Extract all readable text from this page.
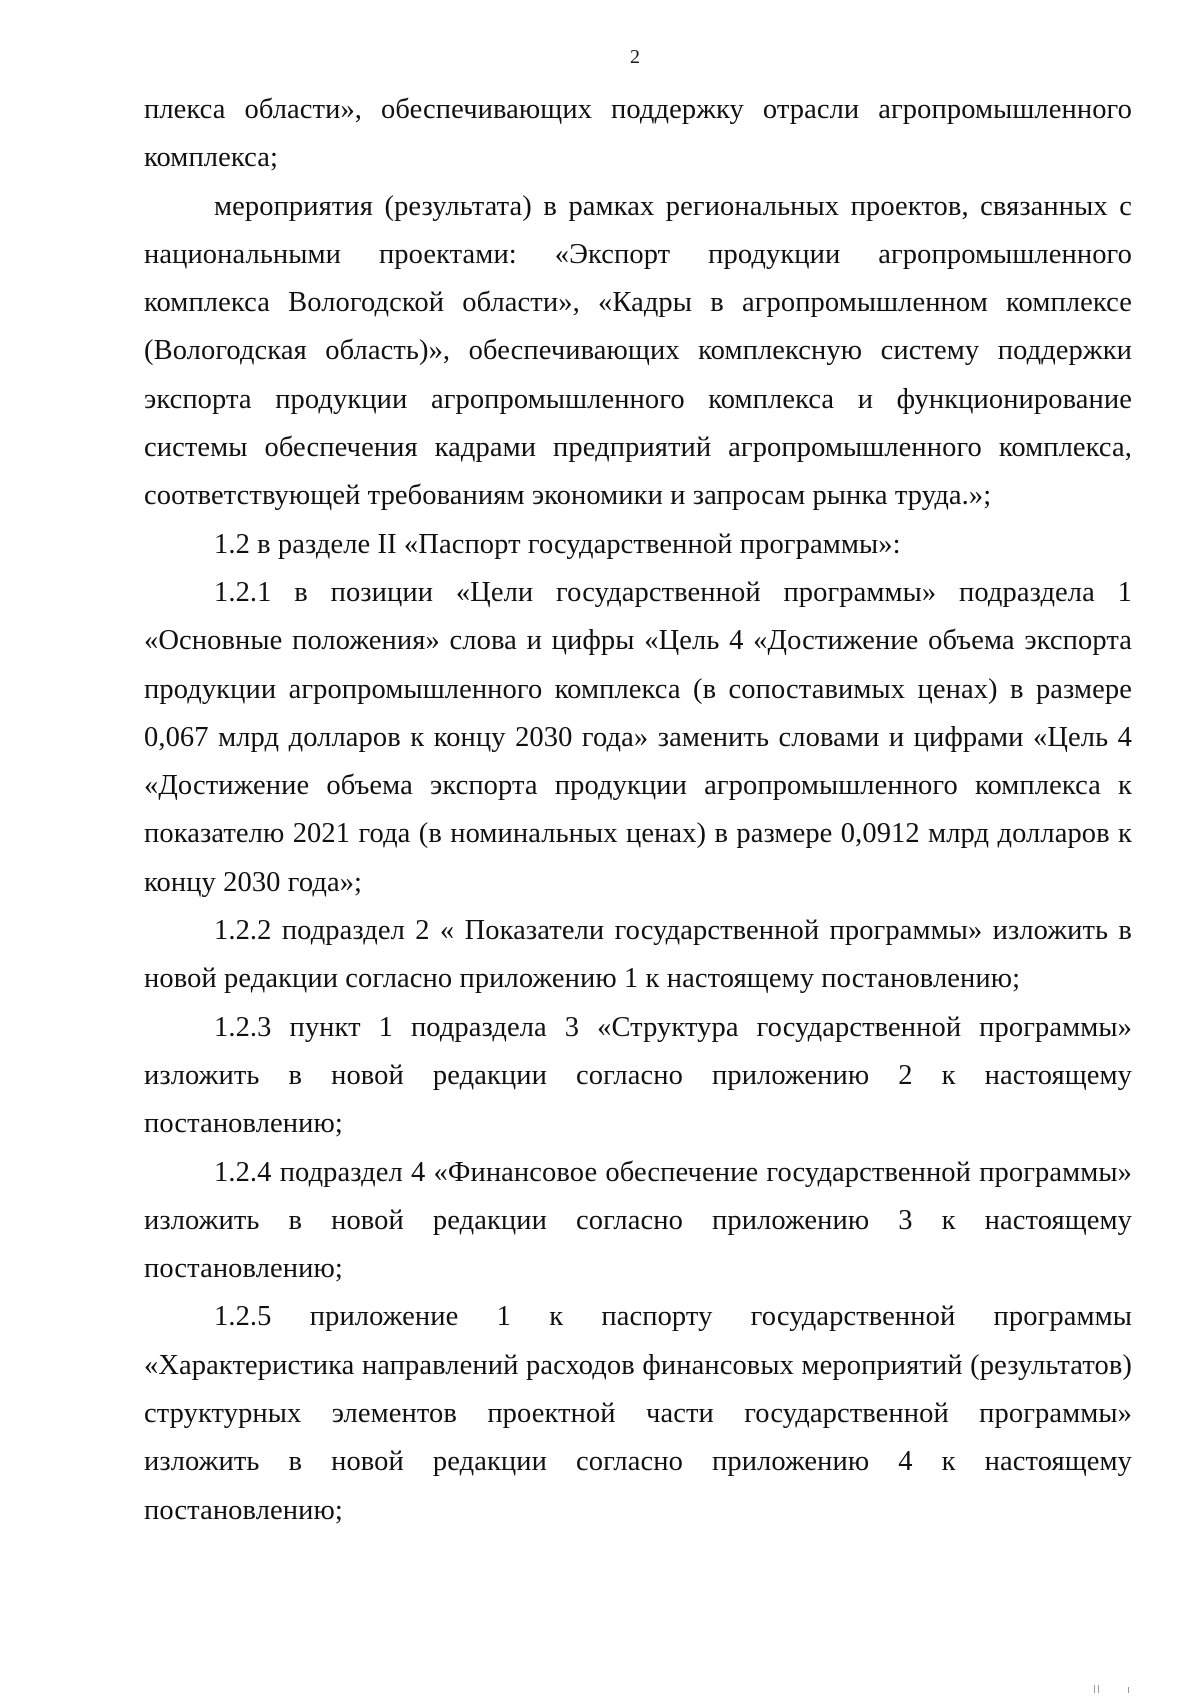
2

плекса области», обеспечивающих поддержку отрасли агропромышленного комплекса;

мероприятия (результата) в рамках региональных проектов, связанных с национальными проектами: «Экспорт продукции агропромышленного комплекса Вологодской области», «Кадры в агропромышленном комплексе (Вологодская область)», обеспечивающих комплексную систему поддержки экспорта продукции агропромышленного комплекса и функционирование системы обеспечения кадрами предприятий агропромышленного комплекса, соответствующей требованиям экономики и запросам рынка труда.»;

1.2 в разделе II «Паспорт государственной программы»:

1.2.1 в позиции «Цели государственной программы» подраздела 1 «Основные положения» слова и цифры «Цель 4 «Достижение объема экспорта продукции агропромышленного комплекса (в сопоставимых ценах) в размере 0,067 млрд долларов к концу 2030 года» заменить словами и цифрами «Цель 4 «Достижение объема экспорта продукции агропромышленного комплекса к показателю 2021 года (в номинальных ценах) в размере 0,0912 млрд долларов к концу 2030 года»;

1.2.2 подраздел 2 « Показатели государственной программы» изложить в новой редакции согласно приложению 1 к настоящему постановлению;

1.2.3 пункт 1 подраздела 3 «Структура государственной программы» изложить в новой редакции согласно приложению 2 к настоящему постановлению;

1.2.4 подраздел 4 «Финансовое обеспечение государственной программы» изложить в новой редакции согласно приложению 3 к настоящему постановлению;

1.2.5 приложение 1 к паспорту государственной программы «Характеристика направлений расходов финансовых мероприятий (результатов) структурных элементов проектной части государственной программы» изложить в новой редакции согласно приложению 4 к настоящему постановлению;
